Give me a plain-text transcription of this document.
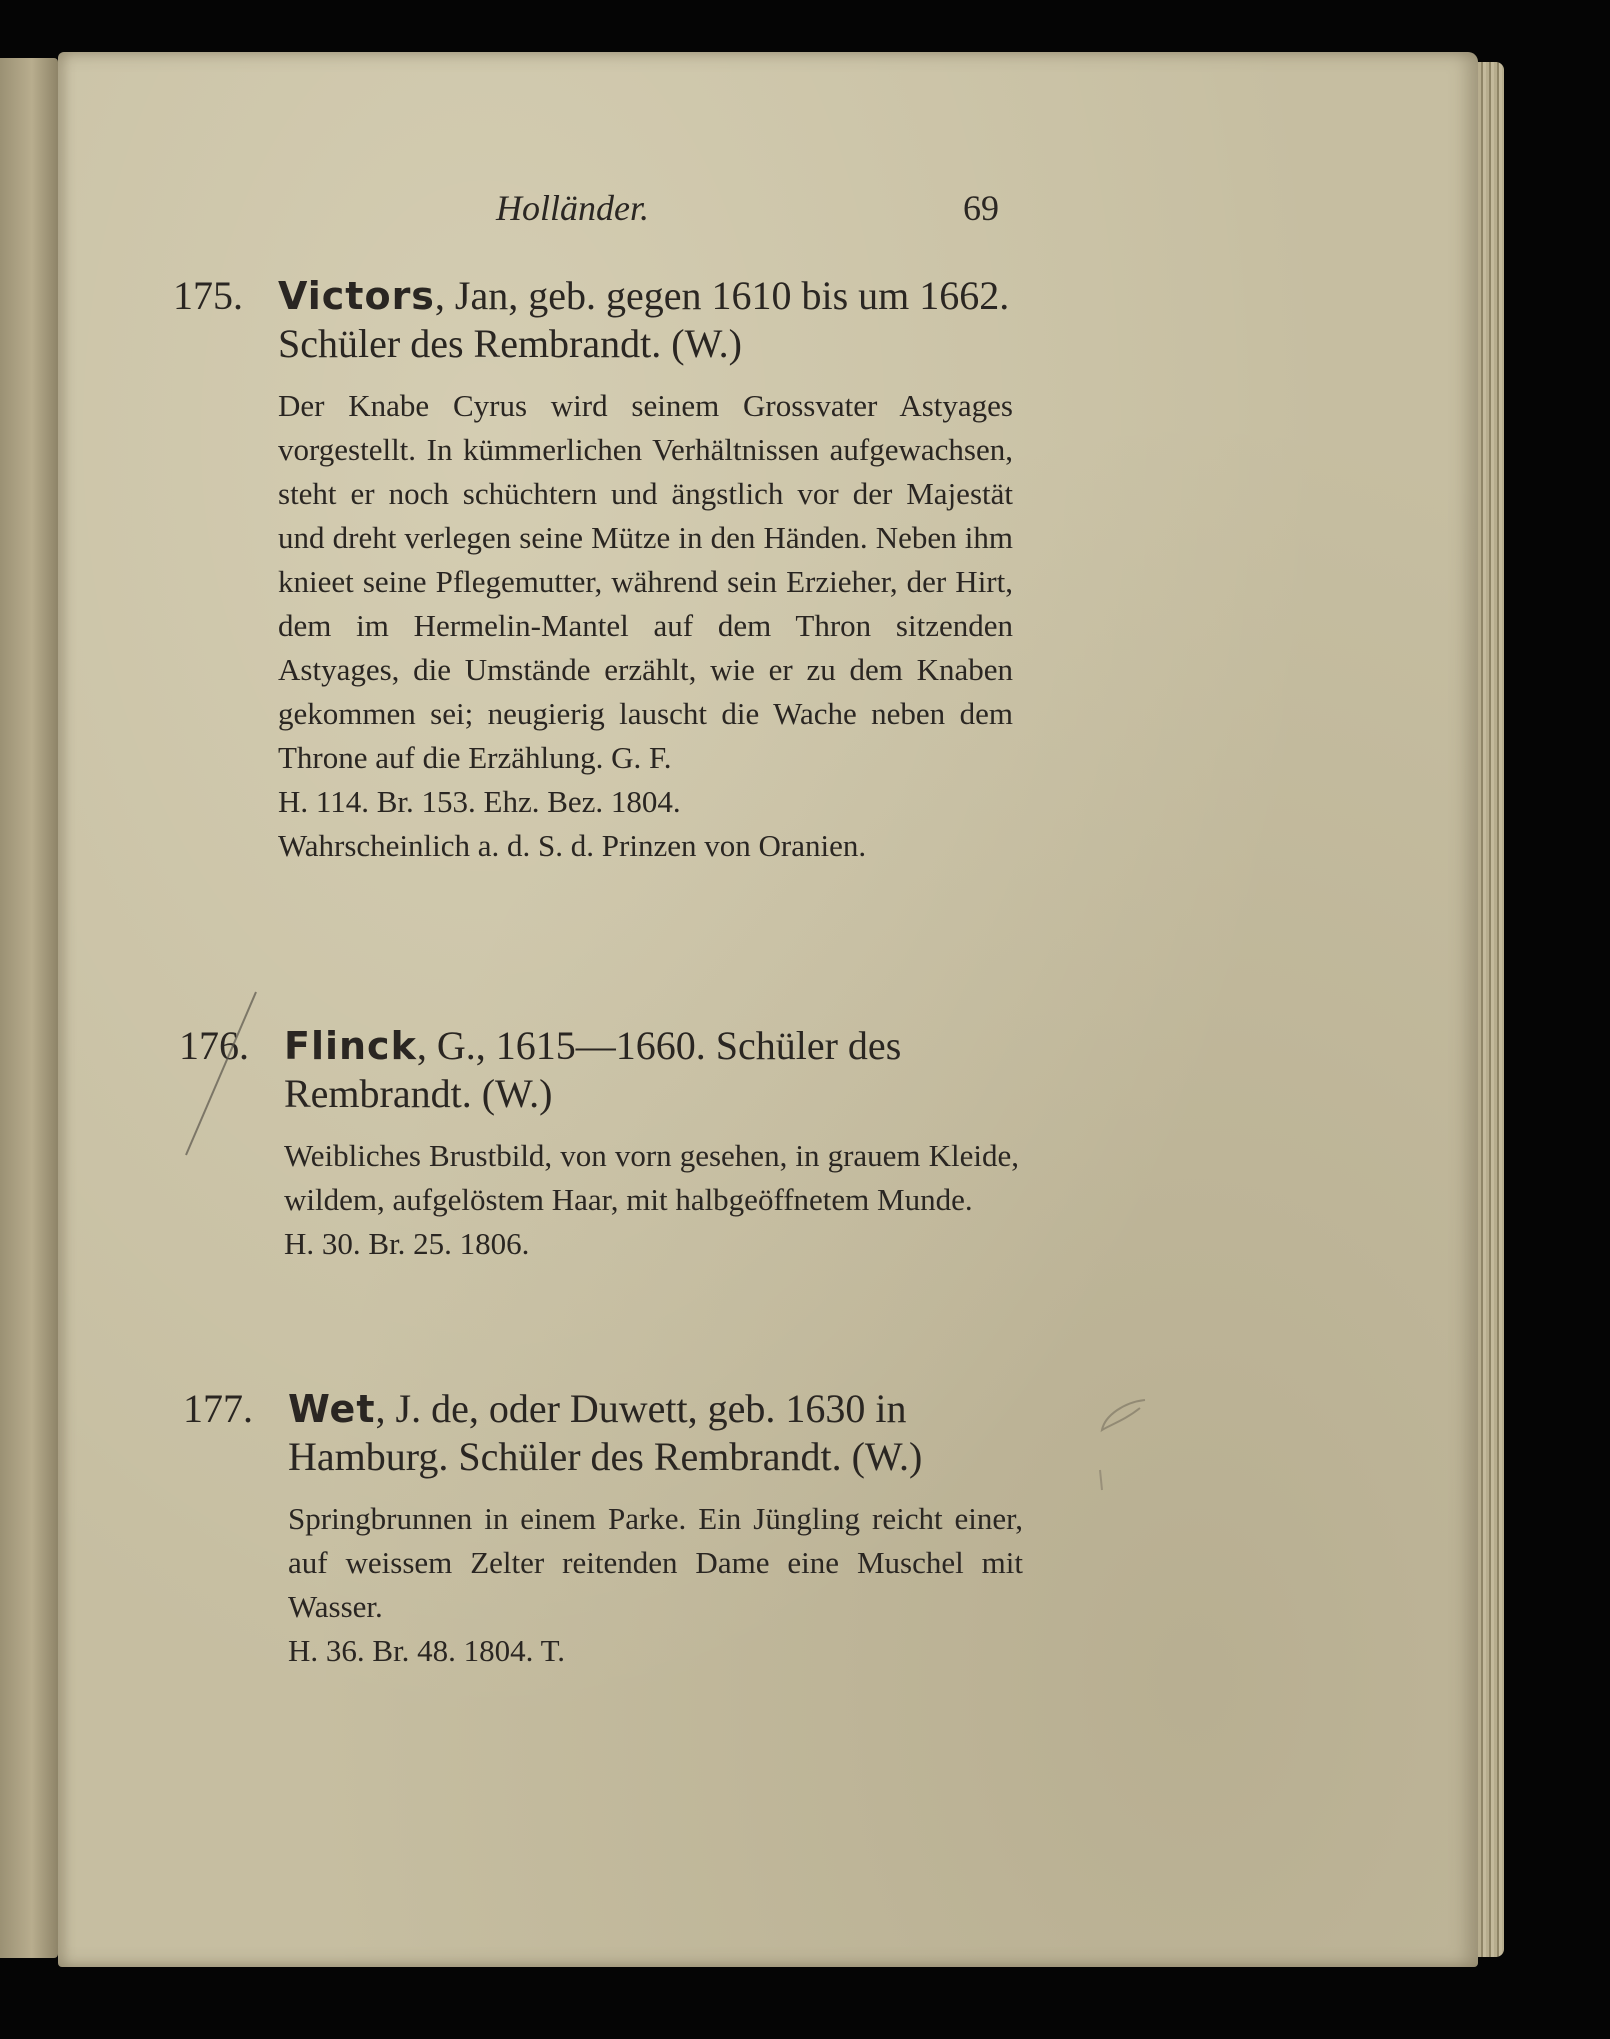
Holländer.	69
175. Victors, Jan, geb. gegen 1610 bis um 1662. Schüler des Rembrandt. (W.)
Der Knabe Cyrus wird seinem Grossvater Astyages vorgestellt. In kümmerlichen Verhältnissen aufgewachsen, steht er noch schüchtern und ängstlich vor der Majestät und dreht verlegen seine Mütze in den Händen. Neben ihm knieet seine Pflegemutter, während sein Erzieher, der Hirt, dem im Hermelin-Mantel auf dem Thron sitzenden Astyages, die Umstände erzählt, wie er zu dem Knaben gekommen sei; neugierig lauscht die Wache neben dem Throne auf die Erzählung. G. F.
H. 114. Br. 153. Ehz. Bez. 1804.
Wahrscheinlich a. d. S. d. Prinzen von Oranien.
176. Flinck, G., 1615—1660. Schüler des Rembrandt. (W.)
Weibliches Brustbild, von vorn gesehen, in grauem Kleide, wildem, aufgelöstem Haar, mit halbgeöffnetem Munde.
H. 30. Br. 25. 1806.
177. Wet, J. de, oder Duwett, geb. 1630 in Hamburg. Schüler des Rembrandt. (W.)
Springbrunnen in einem Parke. Ein Jüngling reicht einer, auf weissem Zelter reitenden Dame eine Muschel mit Wasser.
H. 36. Br. 48. 1804. T.
